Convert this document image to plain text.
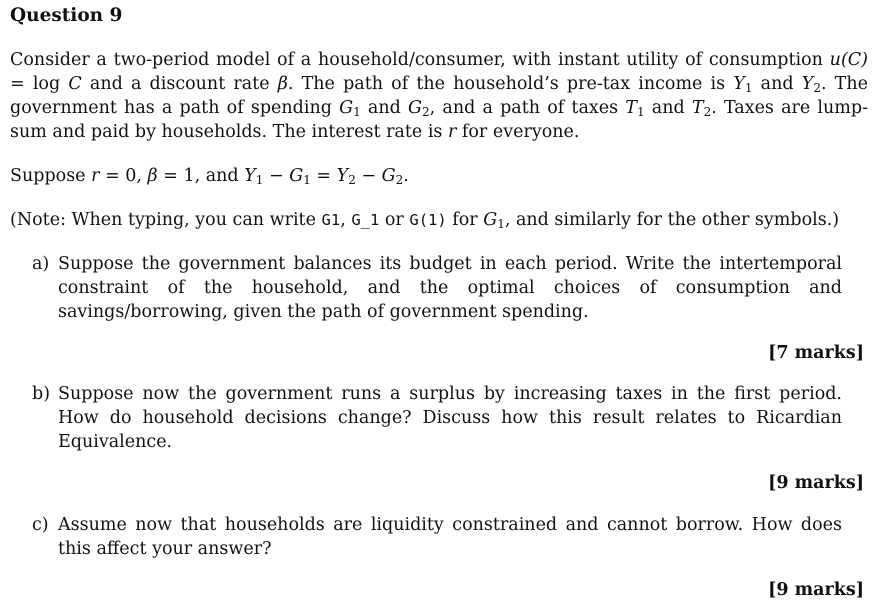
Question 9

Consider a two-period model of a household/consumer, with instant utility of consumption u(C) = log C and a discount rate β. The path of the household’s pre-tax income is $Y_1$ and $Y_2$. The government has a path of spending $G_1$ and $G_2$, and a path of taxes $T_1$ and $T_2$. Taxes are lump-sum and paid by households. The interest rate is r for everyone.

Suppose r = 0, β = 1, and $Y_1 - G_1 = Y_2 - G_2$.

(Note: When typing, you can write G1, G_1 or G(1) for $G_1$, and similarly for the other symbols.)

a) Suppose the government balances its budget in each period. Write the intertemporal constraint of the household, and the optimal choices of consumption and savings/borrowing, given the path of government spending.
[7 marks]
b) Suppose now the government runs a surplus by increasing taxes in the first period. How do household decisions change? Discuss how this result relates to Ricardian Equivalence.
[9 marks]
c) Assume now that households are liquidity constrained and cannot borrow. How does this affect your answer?
[9 marks]
